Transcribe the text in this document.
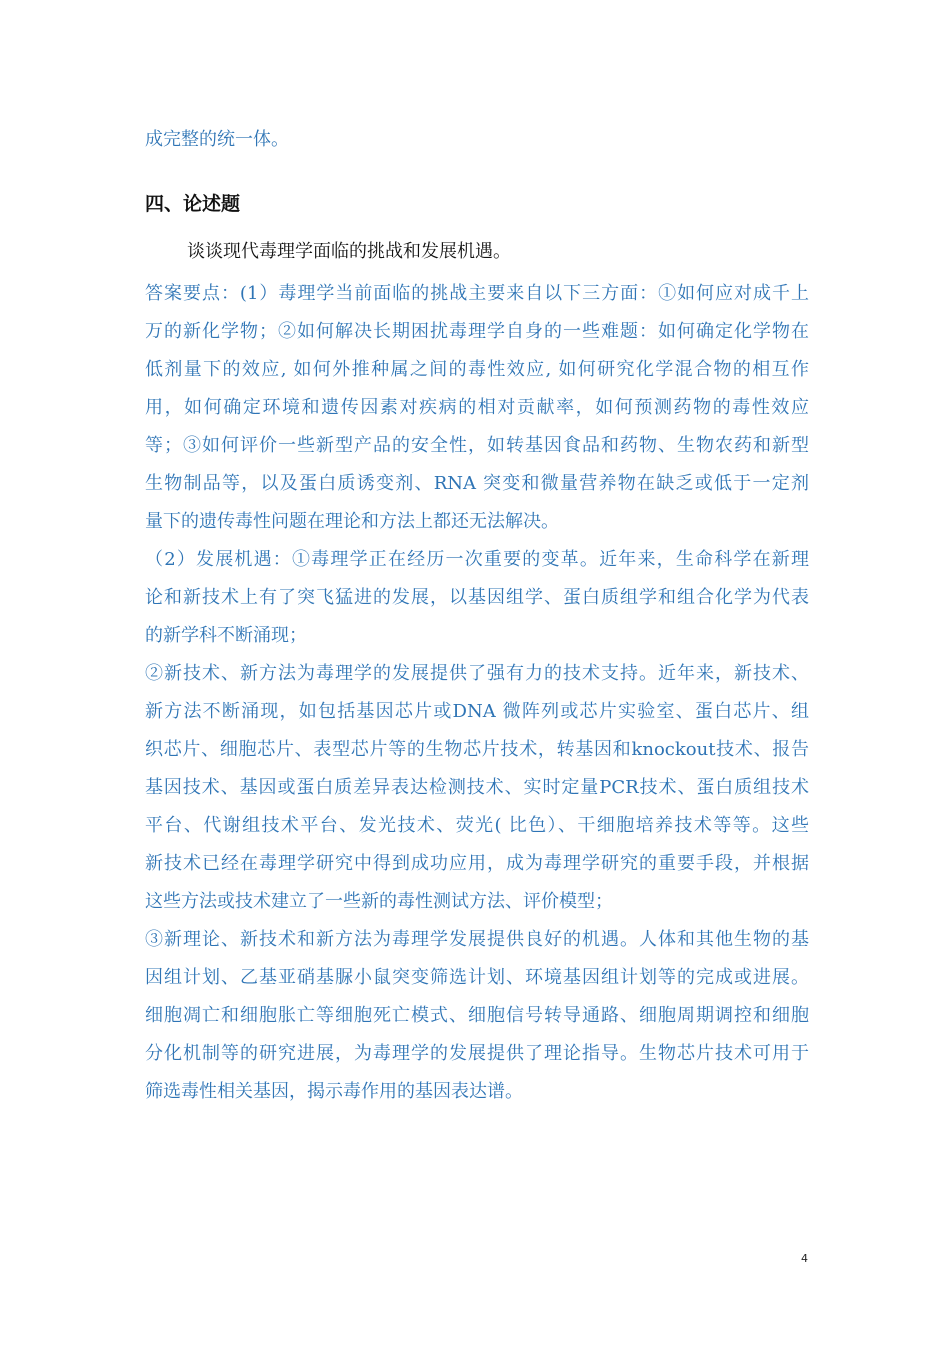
成完整的统一体。
四、论述题
谈谈现代毒理学面临的挑战和发展机遇。
答案要点：(1）毒理学当前面临的挑战主要来自以下三方面：①如何应对成千上
万的新化学物；②如何解决长期困扰毒理学自身的一些难题：如何确定化学物在
低剂量下的效应, 如何外推种属之间的毒性效应, 如何研究化学混合物的相互作
用，如何确定环境和遗传因素对疾病的相对贡献率，如何预测药物的毒性效应
等；③如何评价一些新型产品的安全性，如转基因食品和药物、生物农药和新型
生物制品等，以及蛋白质诱变剂、RNA 突变和微量营养物在缺乏或低于一定剂
量下的遗传毒性问题在理论和方法上都还无法解决。
（2）发展机遇：①毒理学正在经历一次重要的变革。近年来，生命科学在新理
论和新技术上有了突飞猛进的发展，以基因组学、蛋白质组学和组合化学为代表
的新学科不断涌现；
②新技术、新方法为毒理学的发展提供了强有力的技术支持。近年来，新技术、
新方法不断涌现，如包括基因芯片或DNA 微阵列或芯片实验室、蛋白芯片、组
织芯片、细胞芯片、表型芯片等的生物芯片技术，转基因和knockout技术、报告
基因技术、基因或蛋白质差异表达检测技术、实时定量PCR技术、蛋白质组技术
平台、代谢组技术平台、发光技术、荧光( 比色）、干细胞培养技术等等。这些
新技术已经在毒理学研究中得到成功应用，成为毒理学研究的重要手段，并根据
这些方法或技术建立了一些新的毒性测试方法、评价模型；
③新理论、新技术和新方法为毒理学发展提供良好的机遇。人体和其他生物的基
因组计划、乙基亚硝基脲小鼠突变筛选计划、环境基因组计划等的完成或进展。
细胞凋亡和细胞胀亡等细胞死亡模式、细胞信号转导通路、细胞周期调控和细胞
分化机制等的研究进展，为毒理学的发展提供了理论指导。生物芯片技术可用于
筛选毒性相关基因，揭示毒作用的基因表达谱。
4
